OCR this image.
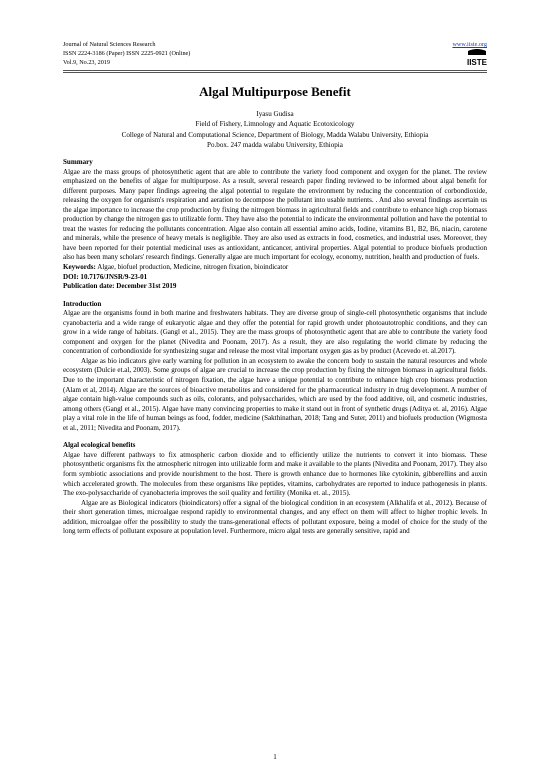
Journal of Natural Sciences Research
ISSN 2224-3186 (Paper) ISSN 2225-0921 (Online)
Vol.9, No.23, 2019
www.iiste.org
IISTE
Algal Multipurpose Benefit
Iyasu Gudisa
Field of Fishery, Limnology and Aquatic Ecotoxicology
College of Natural and Computational Science, Department of Biology, Madda Walabu University, Ethiopia
Po.box. 247 madda walabu University, Ethiopia

Summary

Algae are the mass groups of photosynthetic agent that are able to contribute the variety food component and oxygen for the planet. The review emphasized on the benefits of algae for multipurpose. As a result, several research paper finding reviewed to be informed about algal benefit for different purposes. Many paper findings agreeing the algal potential to regulate the environment by reducing the concentration of corbondioxide, releasing the oxygen for organism's respiration and aeration to decompose the pollutant into usable nutrients. . And also several findings ascertain us the algae importance to increase the crop production by fixing the nitrogen biomass in agricultural fields and contribute to enhance high crop biomass production by change the nitrogen gas to utilizable form. They have also the potential to indicate the environmental pollution and have the potential to treat the wastes for reducing the pollutants concentration. Algae also contain all essential amino acids, Iodine, vitamins B1, B2, B6, niacin, carotene and minerals, while the presence of heavy metals is negligible. They are also used as extracts in food, cosmetics, and industrial uses. Moreover, they have been reported for their potential medicinal uses as antioxidant, anticancer, antiviral properties. Algal potential to produce biofuels production also has been many scholars' research findings. Generally algae are much important for ecology, economy, nutrition, health and production of fuels.

Keywords: Algae, biofuel production, Medicine, nitrogen fixation, bioindicator

DOI: 10.7176/JNSR/9-23-01

Publication date: December 31st 2019

Introduction

Algae are the organisms found in both marine and freshwaters habitats. They are diverse group of single-cell photosynthetic organisms that include cyanobacteria and a wide range of eukaryotic algae and they offer the potential for rapid growth under photoautotrophic conditions, and they can grow in a wide range of habitats. (Gangl et al., 2015). They are the mass groups of photosynthetic agent that are able to contribute the variety food component and oxygen for the planet (Nivedita and Poonam, 2017). As a result, they are also regulating the world climate by reducing the concentration of corbondioxide for synthesizing sugar and release the most vital important oxygen gas as by product (Acevedo et. al.2017).

Algae as bio indicators give early warning for pollution in an ecosystem to awake the concern body to sustain the natural resources and whole ecosystem (Dulcie et.al, 2003). Some groups of algae are crucial to increase the crop production by fixing the nitrogen biomass in agricultural fields. Due to the important characteristic of nitrogen fixation, the algae have a unique potential to contribute to enhance high crop biomass production (Alam et al, 2014). Algae are the sources of bioactive metabolites and considered for the pharmaceutical industry in drug development. A number of algae contain high-value compounds such as oils, colorants, and polysaccharides, which are used by the food additive, oil, and cosmetic industries, among others (Gangl et al., 2015). Algae have many convincing properties to make it stand out in front of synthetic drugs (Aditya et. al, 2016). Algae play a vital role in the life of human beings as food, fodder, medicine (Sakthinathan, 2018; Tang and Suter, 2011) and biofuels production (Wigmosta et al., 2011; Nivedita and Poonam, 2017).

Algal ecological benefits

Algae have different pathways to fix atmospheric carbon dioxide and to efficiently utilize the nutrients to convert it into biomass. These photosynthetic organisms fix the atmospheric nitrogen into utilizable form and make it available to the plants (Nivedita and Poonam, 2017). They also form symbiotic associations and provide nourishment to the host. There is growth enhance due to hormones like cytokinin, gibberellins and auxin which accelerated growth. The molecules from these organisms like peptides, vitamins, carbohydrates are reported to induce pathogenesis in plants. The exo-polysaccharide of cyanobacteria improves the soil quality and fertility (Monika et. al., 2015).

Algae are as Biological indicators (bioindicators) offer a signal of the biological condition in an ecosystem (Alkhalifa et al., 2012). Because of their short generation times, microalgae respond rapidly to environmental changes, and any effect on them will affect to higher trophic levels. In addition, microalgae offer the possibility to study the trans-generational effects of pollutant exposure, being a model of choice for the study of the long term effects of pollutant exposure at population level. Furthermore, micro algal tests are generally sensitive, rapid and

1
